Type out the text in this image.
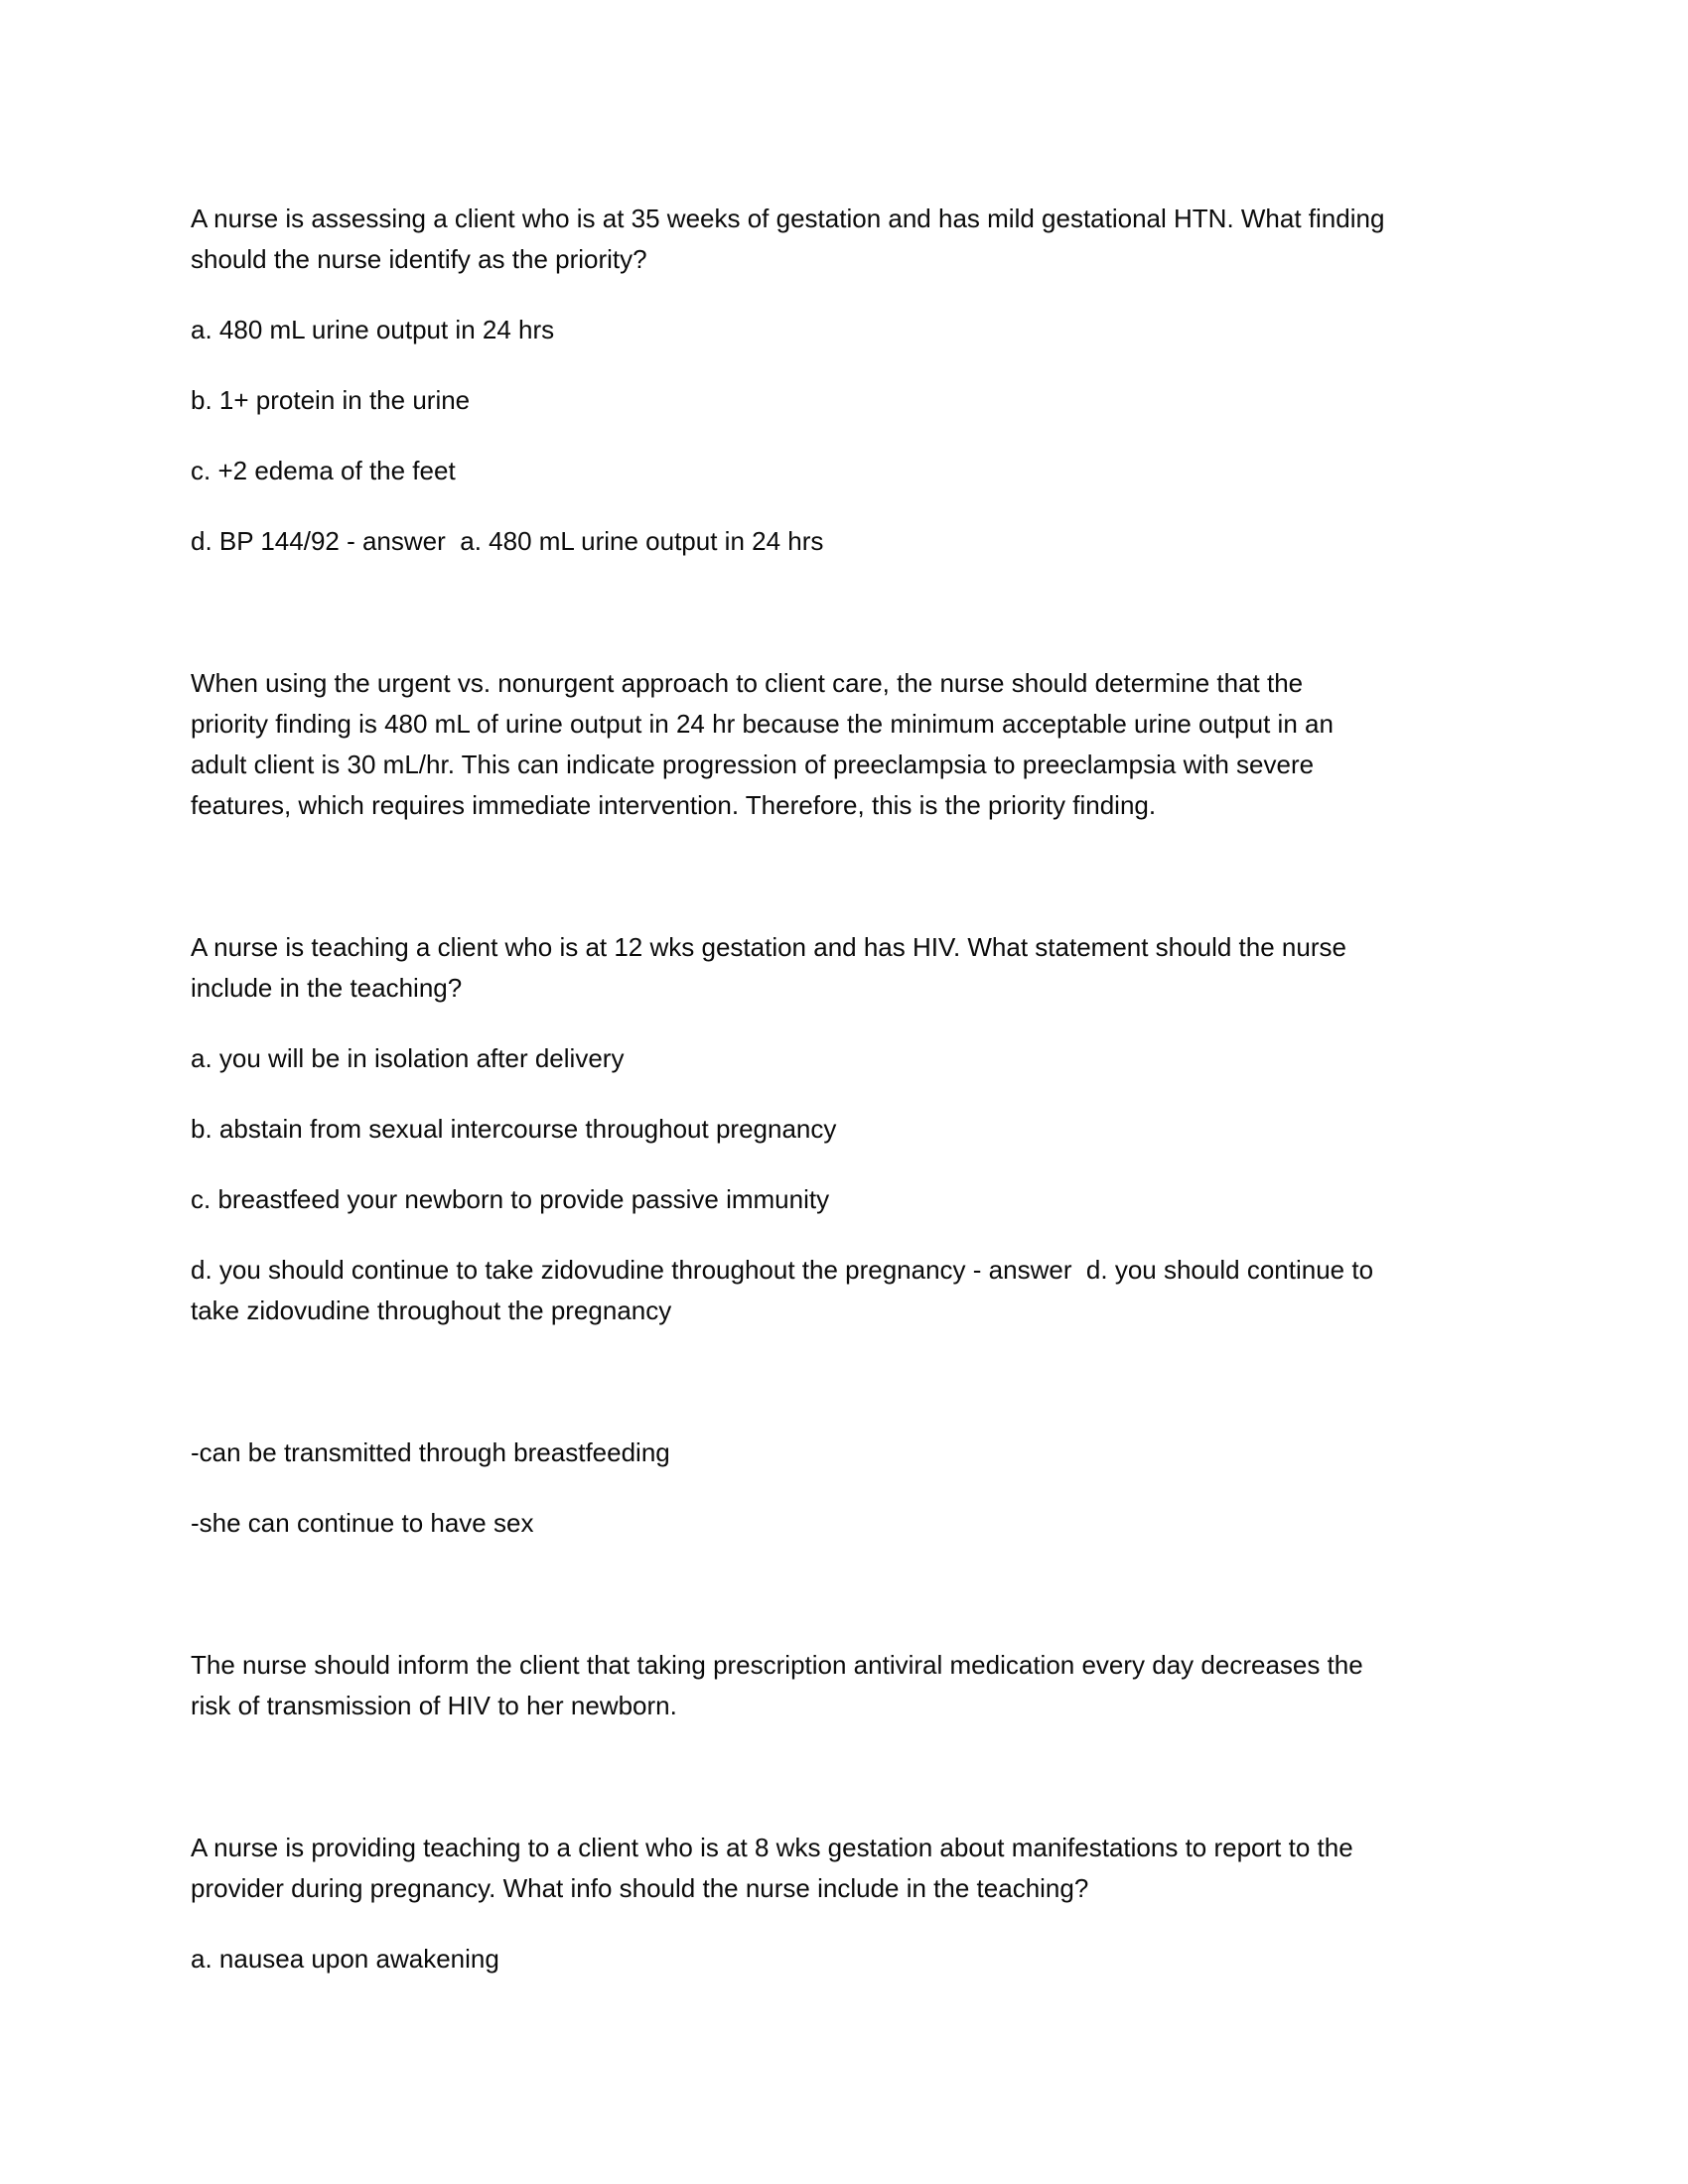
A nurse is assessing a client who is at 35 weeks of gestation and has mild gestational HTN. What finding
should the nurse identify as the priority?
a. 480 mL urine output in 24 hrs
b. 1+ protein in the urine
c. +2 edema of the feet
d. BP 144/92 - answer  a. 480 mL urine output in 24 hrs
When using the urgent vs. nonurgent approach to client care, the nurse should determine that the
priority finding is 480 mL of urine output in 24 hr because the minimum acceptable urine output in an
adult client is 30 mL/hr. This can indicate progression of preeclampsia to preeclampsia with severe
features, which requires immediate intervention. Therefore, this is the priority finding.
A nurse is teaching a client who is at 12 wks gestation and has HIV. What statement should the nurse
include in the teaching?
a. you will be in isolation after delivery
b. abstain from sexual intercourse throughout pregnancy
c. breastfeed your newborn to provide passive immunity
d. you should continue to take zidovudine throughout the pregnancy - answer  d. you should continue to
take zidovudine throughout the pregnancy
-can be transmitted through breastfeeding
-she can continue to have sex
The nurse should inform the client that taking prescription antiviral medication every day decreases the
risk of transmission of HIV to her newborn.
A nurse is providing teaching to a client who is at 8 wks gestation about manifestations to report to the
provider during pregnancy. What info should the nurse include in the teaching?
a. nausea upon awakening
